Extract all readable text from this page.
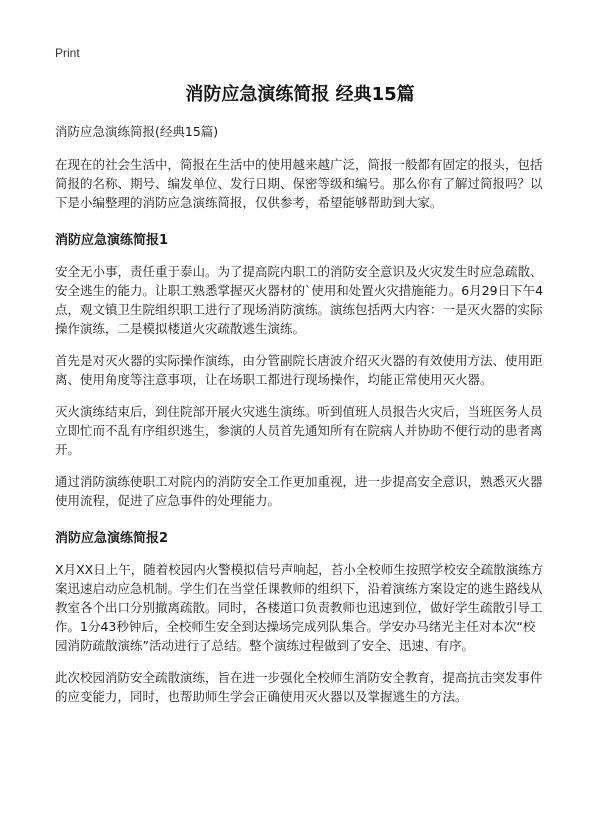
Print
消防应急演练简报 经典15篇

消防应急演练简报(经典15篇)

在现在的社会生活中，简报在生活中的使用越来越广泛，简报一般都有固定的报头，包括简报的名称、期号、编发单位、发行日期、保密等级和编号。那么你有了解过简报吗？以下是小编整理的消防应急演练简报，仅供参考，希望能够帮助到大家。

消防应急演练简报1

安全无小事，责任重于泰山。为了提高院内职工的消防安全意识及火灾发生时应急疏散、安全逃生的能力。让职工熟悉掌握灭火器材的`使用和处置火灾措施能力。6月29日下午4点，观文镇卫生院组织职工进行了现场消防演练。演练包括两大内容：一是灭火器的实际操作演练，二是模拟楼道火灾疏散逃生演练。

首先是对灭火器的实际操作演练，由分管副院长唐波介绍灭火器的有效使用方法、使用距离、使用角度等注意事项，让在场职工都进行现场操作，均能正常使用灭火器。

灭火演练结束后，到住院部开展火灾逃生演练。听到值班人员报告火灾后，当班医务人员立即忙而不乱有序组织逃生，参演的人员首先通知所有在院病人并协助不便行动的患者离开。

通过消防演练使职工对院内的消防安全工作更加重视，进一步提高安全意识，熟悉灭火器使用流程，促进了应急事件的处理能力。

消防应急演练简报2

X月XX日上午，随着校园内火警模拟信号声响起，苔小全校师生按照学校安全疏散演练方案迅速启动应急机制。学生们在当堂任课教师的组织下，沿着演练方案设定的逃生路线从教室各个出口分别撤离疏散。同时，各楼道口负责教师也迅速到位，做好学生疏散引导工作。1分43秒钟后，全校师生安全到达操场完成列队集合。学安办马绪光主任对本次“校园消防疏散演练”活动进行了总结。整个演练过程做到了安全、迅速、有序。

此次校园消防安全疏散演练，旨在进一步强化全校师生消防安全教育，提高抗击突发事件的应变能力，同时，也帮助师生学会正确使用灭火器以及掌握逃生的方法。
